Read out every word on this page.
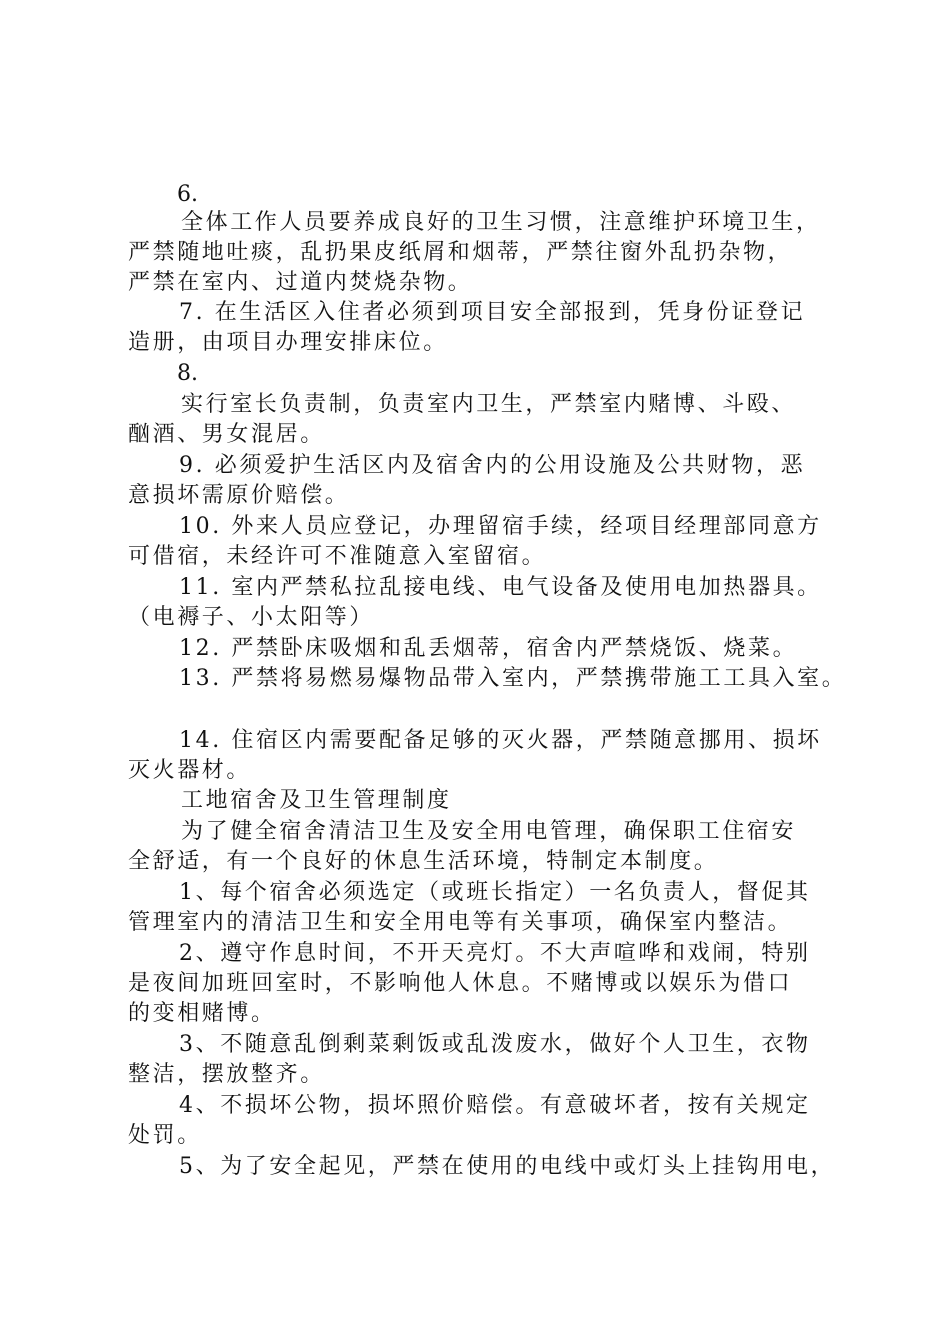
6.
全体工作人员要养成良好的卫生习惯，注意维护环境卫生，
严禁随地吐痰，乱扔果皮纸屑和烟蒂，严禁往窗外乱扔杂物，
严禁在室内、过道内焚烧杂物。
7. 在生活区入住者必须到项目安全部报到，凭身份证登记
造册，由项目办理安排床位。
8.
实行室长负责制，负责室内卫生，严禁室内赌博、斗殴、
酗酒、男女混居。
9. 必须爱护生活区内及宿舍内的公用设施及公共财物，恶
意损坏需原价赔偿。
10. 外来人员应登记，办理留宿手续，经项目经理部同意方
可借宿，未经许可不准随意入室留宿。
11. 室内严禁私拉乱接电线、电气设备及使用电加热器具。
（电褥子、小太阳等）
12. 严禁卧床吸烟和乱丢烟蒂，宿舍内严禁烧饭、烧菜。
13. 严禁将易燃易爆物品带入室内，严禁携带施工工具入室。
14. 住宿区内需要配备足够的灭火器，严禁随意挪用、损坏
灭火器材。
工地宿舍及卫生管理制度
为了健全宿舍清洁卫生及安全用电管理，确保职工住宿安
全舒适，有一个良好的休息生活环境，特制定本制度。
1、每个宿舍必须选定（或班长指定）一名负责人，督促其
管理室内的清洁卫生和安全用电等有关事项，确保室内整洁。
2、遵守作息时间，不开天亮灯。不大声喧哗和戏闹，特别
是夜间加班回室时，不影响他人休息。不赌博或以娱乐为借口
的变相赌博。
3、不随意乱倒剩菜剩饭或乱泼废水，做好个人卫生，衣物
整洁，摆放整齐。
4、不损坏公物，损坏照价赔偿。有意破坏者，按有关规定
处罚。
5、为了安全起见，严禁在使用的电线中或灯头上挂钩用电，
